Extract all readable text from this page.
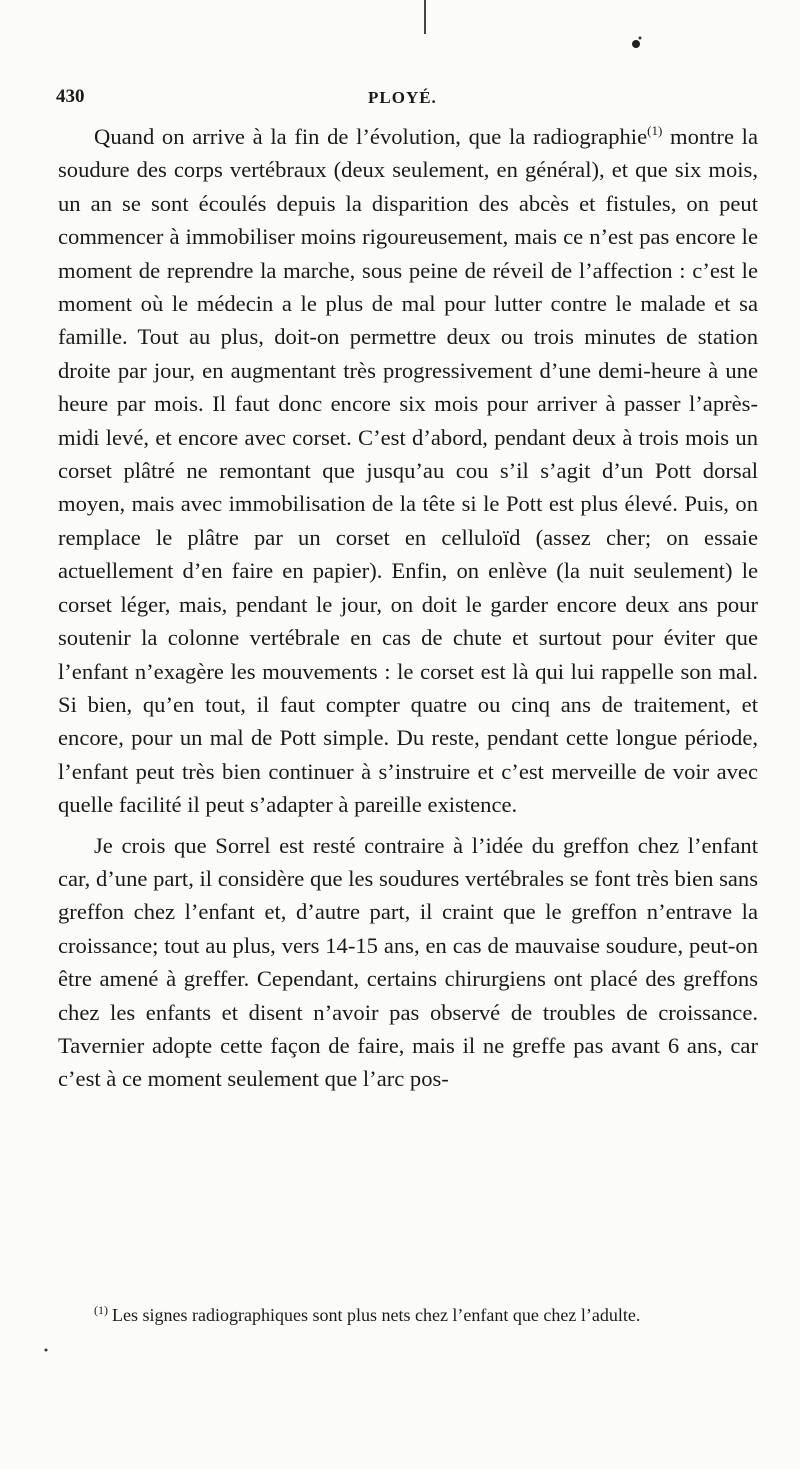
430	PLOYÉ.

Quand on arrive à la fin de l’évolution, que la radiographie$^{(1)}$ montre la soudure des corps vertébraux (deux seulement, en général), et que six mois, un an se sont écoulés depuis la disparition des abcès et fistules, on peut commencer à immobiliser moins rigoureusement, mais ce n’est pas encore le moment de reprendre la marche, sous peine de réveil de l’affection : c’est le moment où le médecin a le plus de mal pour lutter contre le malade et sa famille. Tout au plus, doit-on permettre deux ou trois minutes de station droite par jour, en augmentant très progressivement d’une demi-heure à une heure par mois. Il faut donc encore six mois pour arriver à passer l’après-midi levé, et encore avec corset. C’est d’abord, pendant deux à trois mois un corset plâtré ne remontant que jusqu’au cou s’il s’agit d’un Pott dorsal moyen, mais avec immobilisation de la tête si le Pott est plus élevé. Puis, on remplace le plâtre par un corset en celluloïd (assez cher; on essaie actuellement d’en faire en papier). Enfin, on enlève (la nuit seulement) le corset léger, mais, pendant le jour, on doit le garder encore deux ans pour soutenir la colonne vertébrale en cas de chute et surtout pour éviter que l’enfant n’exagère les mouvements : le corset est là qui lui rappelle son mal. Si bien, qu’en tout, il faut compter quatre ou cinq ans de traitement, et encore, pour un mal de Pott simple. Du reste, pendant cette longue période, l’enfant peut très bien continuer à s’instruire et c’est merveille de voir avec quelle facilité il peut s’adapter à pareille existence.

Je crois que Sorrel est resté contraire à l’idée du greffon chez l’enfant car, d’une part, il considère que les soudures vertébrales se font très bien sans greffon chez l’enfant et, d’autre part, il craint que le greffon n’entrave la croissance; tout au plus, vers 14-15 ans, en cas de mauvaise soudure, peut-on être amené à greffer. Cependant, certains chirurgiens ont placé des greffons chez les enfants et disent n’avoir pas observé de troubles de croissance. Tavernier adopte cette façon de faire, mais il ne greffe pas avant 6 ans, car c’est à ce moment seulement que l’arc pos-

$^{(1)}$ Les signes radiographiques sont plus nets chez l’enfant que chez l’adulte.
